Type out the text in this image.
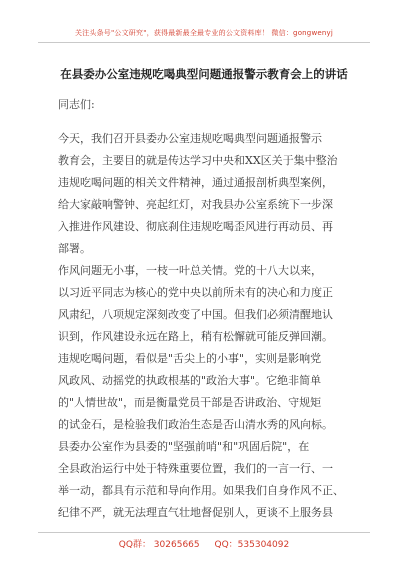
关注头条号"公文研究"，获得最新最全最专业的公文资料库！ 微信：gongwenyj
在县委办公室违规吃喝典型问题通报警示教育会上的讲话
同志们:
今天，我们召开县委办公室违规吃喝典型问题通报警示
教育会，主要目的就是传达学习中央和XX区关于集中整治
违规吃喝问题的相关文件精神，通过通报剖析典型案例，
给大家敲响警钟、亮起红灯，对我县办公室系统下一步深
入推进作风建设、彻底刹住违规吃喝歪风进行再动员、再
部署。
作风问题无小事，一枝一叶总关情。党的十八大以来，
以习近平同志为核心的党中央以前所未有的决心和力度正
风肃纪，八项规定深刻改变了中国。但我们必须清醒地认
识到，作风建设永远在路上，稍有松懈就可能反弹回潮。
违规吃喝问题，看似是"舌尖上的小事"，实则是影响党
风政风、动摇党的执政根基的"政治大事"。它绝非简单
的"人情世故"，而是衡量党员干部是否讲政治、守规矩
的试金石，是检验我们政治生态是否山清水秀的风向标。
县委办公室作为县委的"坚强前哨"和"巩固后院"，在
全县政治运行中处于特殊重要位置，我们的一言一行、一
举一动，都具有示范和导向作用。如果我们自身作风不正、
纪律不严，就无法理直气壮地督促别人，更谈不上服务县
QQ群： 30265665 QQ：535304092
